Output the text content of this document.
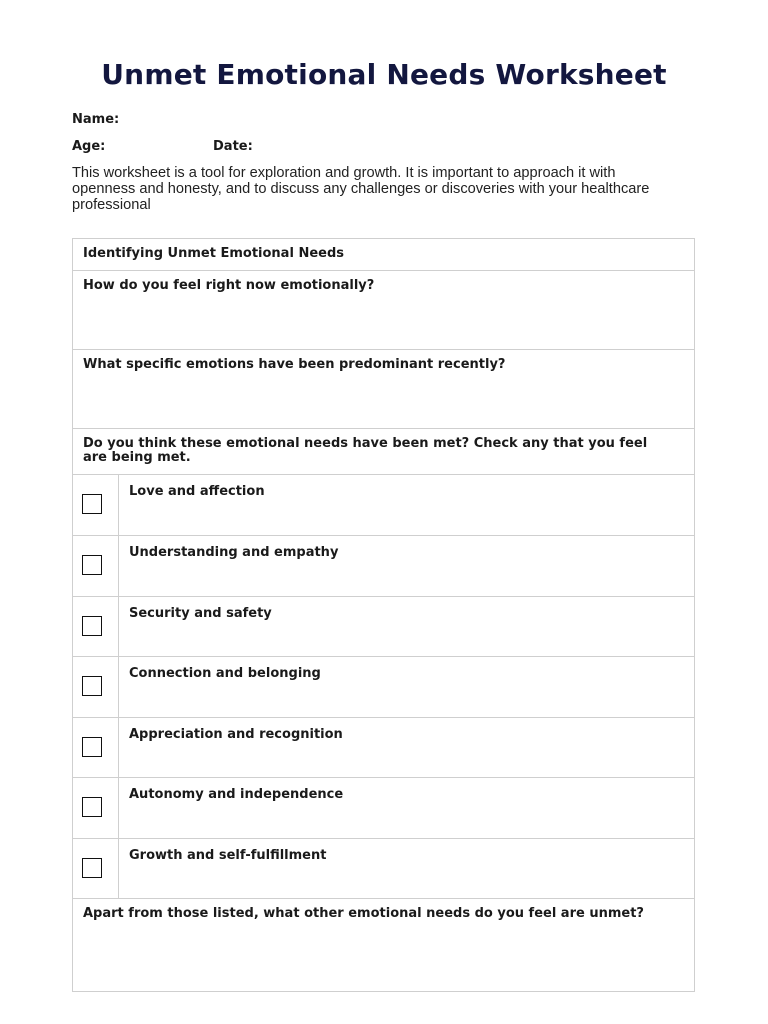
Unmet Emotional Needs Worksheet
Name:
Age:	Date:
This worksheet is a tool for exploration and growth. It is important to approach it with openness and honesty, and to discuss any challenges or discoveries with your healthcare professional
Identifying Unmet Emotional Needs
How do you feel right now emotionally?
What specific emotions have been predominant recently?
Do you think these emotional needs have been met? Check any that you feel are being met.
Love and affection
Understanding and empathy
Security and safety
Connection and belonging
Appreciation and recognition
Autonomy and independence
Growth and self-fulfillment
Apart from those listed, what other emotional needs do you feel are unmet?
